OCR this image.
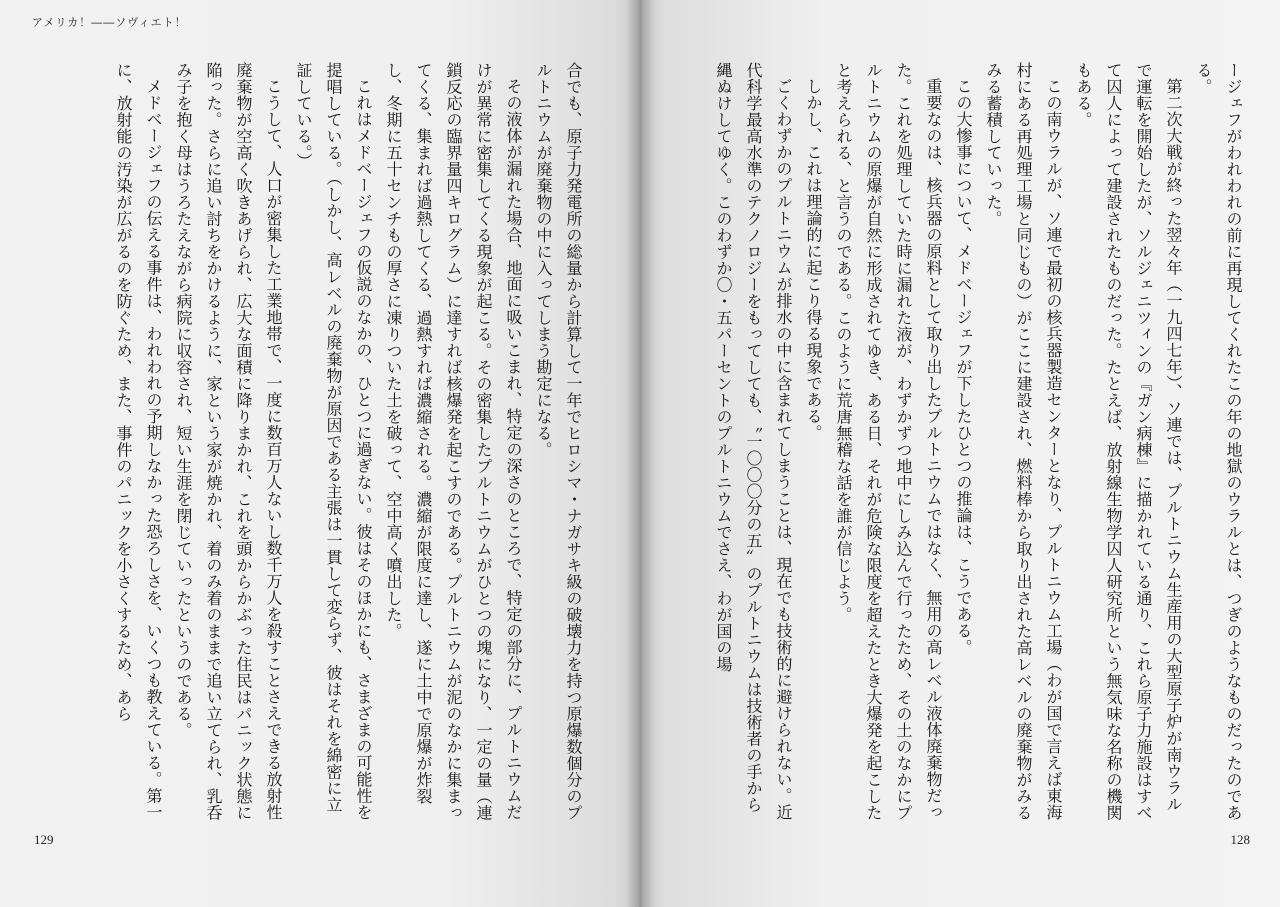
アメリカ！――ソヴィエト！

合でも、原子力発電所の総量から計算して一年でヒロシマ・ナガサキ級の破壊力を持つ原爆数個分のプルトニウムが廃棄物の中に入ってしまう勘定になる。

その液体が漏れた場合、地面に吸いこまれ、特定の深さのところで、特定の部分に、プルトニウムだけが異常に密集してくる現象が起こる。その密集したプルトニウムがひとつの塊になり、一定の量（連鎖反応の臨界量四キログラム）に達すれば核爆発を起こすのである。プルトニウムが泥のなかに集まってくる、集まれば過熱してくる、過熱すれば濃縮される。濃縮が限度に達し、遂に土中で原爆が炸裂し、冬期に五十センチもの厚さに凍りついた土を破って、空中高く噴出した。

これはメドベージェフの仮説のなかの、ひとつに過ぎない。彼はそのほかにも、さまざまの可能性を提唱している。（しかし、高レベルの廃棄物が原因である主張は一貫して変らず、彼はそれを綿密に立証している。）

こうして、人口が密集した工業地帯で、一度に数百万人ないし数千万人を殺すことさえできる放射性廃棄物が空高く吹きあげられ、広大な面積に降りまかれ、これを頭からかぶった住民はパニック状態に陥った。さらに追い討ちをかけるように、家という家が焼かれ、着のみ着のままで追い立てられ、乳呑み子を抱く母はうろたえながら病院に収容され、短い生涯を閉じていったというのである。

メドベージェフの伝える事件は、われわれの予期しなかった恐ろしさを、いくつも教えている。第一に、放射能の汚染が広がるのを防ぐため、また、事件のパニックを小さくするため、あら

129	128

ージェフがわれわれの前に再現してくれたこの年の地獄のウラルとは、つぎのようなものだったのである。

第二次大戦が終った翌々年（一九四七年）、ソ連では、プルトニウム生産用の大型原子炉が南ウラルで運転を開始したが、ソルジェニツィンの『ガン病棟』に描かれている通り、これら原子力施設はすべて囚人によって建設されたものだった。たとえば、放射線生物学囚人研究所という無気味な名称の機関もある。

この南ウラルが、ソ連で最初の核兵器製造センターとなり、プルトニウム工場（わが国で言えば東海村にある再処理工場と同じもの）がここに建設され、燃料棒から取り出された高レベルの廃棄物がみるみる蓄積していった。

この大惨事について、メドベージェフが下したひとつの推論は、こうである。

重要なのは、核兵器の原料として取り出したプルトニウムではなく、無用の高レベル液体廃棄物だった。これを処理していた時に漏れた液が、わずかずつ地中にしみ込んで行ったため、その土のなかにプルトニウムの原爆が自然に形成されてゆき、ある日、それが危険な限度を超えたとき大爆発を起こしたと考えられる、と言うのである。このように荒唐無稽な話を誰が信じよう。

しかし、これは理論的に起こり得る現象である。

ごくわずかのプルトニウムが排水の中に含まれてしまうことは、現在でも技術的に避けられない。近代科学最高水準のテクノロジーをもってしても、〝一〇〇〇分の五〟のプルトニウムは技術者の手から縄ぬけしてゆく。このわずか〇・五パーセントのプルトニウムでさえ、わが国の場
